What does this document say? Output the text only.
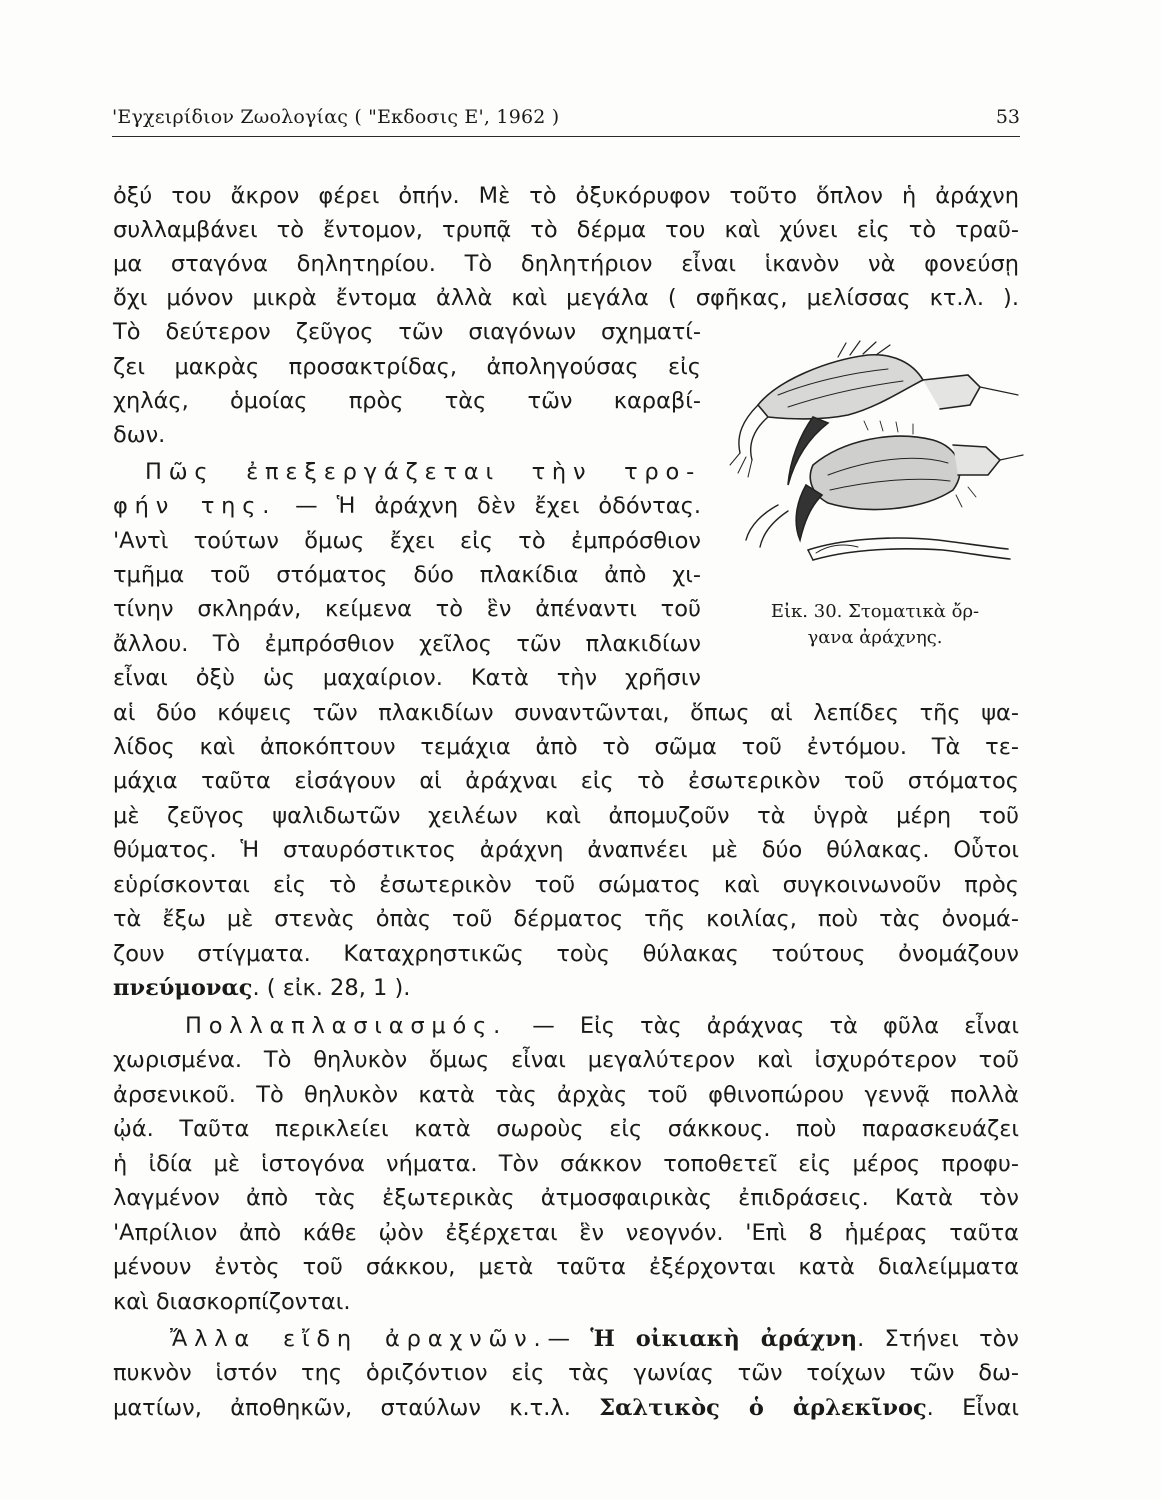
'Εγχειρίδιον Ζωολογίας ( "Εκδοσις Ε', 1962 )	53
ὀξύ του ἄκρον φέρει ὀπήν. Μὲ τὸ ὀξυκόρυφον τοῦτο ὅπλον ἡ ἀράχνη
συλλαμβάνει τὸ ἔντομον, τρυπᾷ τὸ δέρμα του καὶ χύνει εἰς τὸ τραῦ-
μα σταγόνα δηλητηρίου. Τὸ δηλητήριον εἶναι ἱκανὸν νὰ φονεύσῃ
ὄχι μόνον μικρὰ ἔντομα ἀλλὰ καὶ μεγάλα ( σφῆκας, μελίσσας κτ.λ. ).
Τὸ δεύτερον ζεῦγος τῶν σιαγόνων σχηματί-
ζει μακρὰς προσακτρίδας, ἀποληγούσας εἰς
χηλάς, ὁμοίας πρὸς τὰς τῶν καραβί-
δων.
Πῶς ἐπεξεργάζεται τὴν τρο-
φήν της. — Ἡ ἀράχνη δὲν ἔχει ὀδόντας.
'Αντὶ τούτων ὅμως ἔχει εἰς τὸ ἐμπρόσθιον
τμῆμα τοῦ στόματος δύο πλακίδια ἀπὸ χι-
τίνην σκληράν, κείμενα τὸ ἓν ἀπέναντι τοῦ
ἄλλου. Τὸ ἐμπρόσθιον χεῖλος τῶν πλακιδίων
εἶναι ὀξὺ ὡς μαχαίριον. Κατὰ τὴν χρῆσιν
αἱ δύο κόψεις τῶν πλακιδίων συναντῶνται, ὅπως αἱ λεπίδες τῆς ψα-
λίδος καὶ ἀποκόπτουν τεμάχια ἀπὸ τὸ σῶμα τοῦ ἐντόμου. Τὰ τε-
μάχια ταῦτα εἰσάγουν αἱ ἀράχναι εἰς τὸ ἐσωτερικὸν τοῦ στόματος
μὲ ζεῦγος ψαλιδωτῶν χειλέων καὶ ἀπομυζοῦν τὰ ὑγρὰ μέρη τοῦ
θύματος. Ἡ σταυρόστικτος ἀράχνη ἀναπνέει μὲ δύο θύλακας. Οὗτοι
εὑρίσκονται εἰς τὸ ἐσωτερικὸν τοῦ σώματος καὶ συγκοινωνοῦν πρὸς
τὰ ἔξω μὲ στενὰς ὀπὰς τοῦ δέρματος τῆς κοιλίας, ποὺ τὰς ὀνομά-
ζουν στίγματα. Καταχρηστικῶς τοὺς θύλακας τούτους ὀνομάζουν
πνεύμονας. ( εἰκ. 28, 1 ).
Πολλαπλασιασμός. — Εἰς τὰς ἀράχνας τὰ φῦλα εἶναι
χωρισμένα. Τὸ θηλυκὸν ὅμως εἶναι μεγαλύτερον καὶ ἰσχυρότερον τοῦ
ἀρσενικοῦ. Τὸ θηλυκὸν κατὰ τὰς ἀρχὰς τοῦ φθινοπώρου γεννᾷ πολλὰ
ᾠά. Ταῦτα περικλείει κατὰ σωροὺς εἰς σάκκους. ποὺ παρασκευάζει
ἡ ἰδία μὲ ἱστογόνα νήματα. Τὸν σάκκον τοποθετεῖ εἰς μέρος προφυ-
λαγμένον ἀπὸ τὰς ἐξωτερικὰς ἀτμοσφαιρικὰς ἐπιδράσεις. Κατὰ τὸν
'Απρίλιον ἀπὸ κάθε ᾠὸν ἐξέρχεται ἓν νεογνόν. 'Επὶ 8 ἡμέρας ταῦτα
μένουν ἐντὸς τοῦ σάκκου, μετὰ ταῦτα ἐξέρχονται κατὰ διαλείμματα
καὶ διασκορπίζονται.
Ἄλλα εἴδη ἀραχνῶν.— Ἡ οἰκιακὴ ἀράχνη. Στήνει τὸν
πυκνὸν ἱστόν της ὁριζόντιον εἰς τὰς γωνίας τῶν τοίχων τῶν δω-
ματίων, ἀποθηκῶν, σταύλων κ.τ.λ. Σαλτικὸς ὁ ἀρλεκῖνος. Εἶναι
Εἰκ. 30. Στοματικὰ ὄρ-
γανα ἀράχνης.
